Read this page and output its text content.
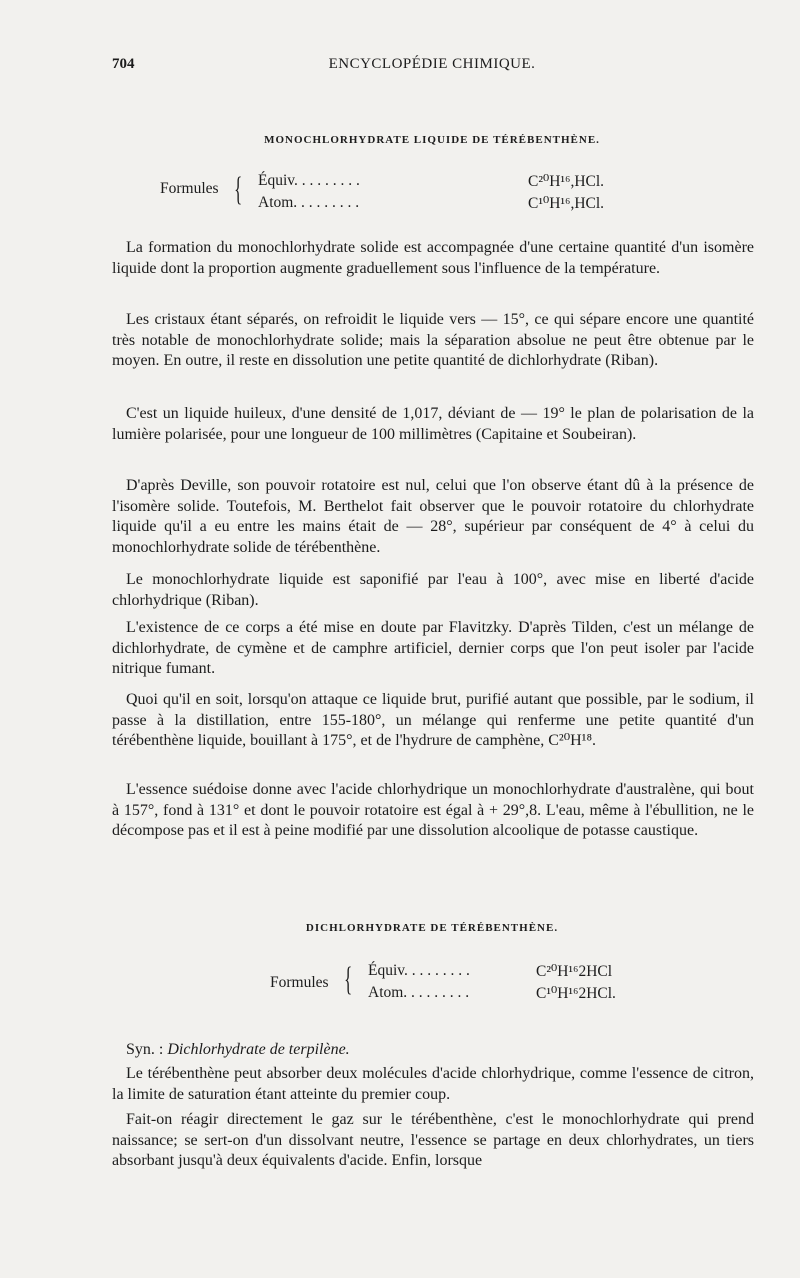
704	ENCYCLOPÉDIE CHIMIQUE.
MONOCHLORHYDRATE LIQUIDE DE TÉRÉBENTHÈNE.
Formules { Équiv. . . . . . . . .	C²⁰H¹⁶,HCl.
Atom. . . . . . . . .	C¹⁰H¹⁶,HCl.

La formation du monochlorhydrate solide est accompagnée d'une certaine quantité d'un isomère liquide dont la proportion augmente graduellement sous l'influence de la température.

Les cristaux étant séparés, on refroidit le liquide vers — 15°, ce qui sépare encore une quantité très notable de monochlorhydrate solide; mais la séparation absolue ne peut être obtenue par le moyen. En outre, il reste en dissolution une petite quantité de dichlorhydrate (Riban).

C'est un liquide huileux, d'une densité de 1,017, déviant de — 19° le plan de polarisation de la lumière polarisée, pour une longueur de 100 millimètres (Capitaine et Soubeiran).

D'après Deville, son pouvoir rotatoire est nul, celui que l'on observe étant dû à la présence de l'isomère solide. Toutefois, M. Berthelot fait observer que le pouvoir rotatoire du chlorhydrate liquide qu'il a eu entre les mains était de — 28°, supérieur par conséquent de 4° à celui du monochlorhydrate solide de térébenthène.

Le monochlorhydrate liquide est saponifié par l'eau à 100°, avec mise en liberté d'acide chlorhydrique (Riban).

L'existence de ce corps a été mise en doute par Flavitzky. D'après Tilden, c'est un mélange de dichlorhydrate, de cymène et de camphre artificiel, dernier corps que l'on peut isoler par l'acide nitrique fumant.

Quoi qu'il en soit, lorsqu'on attaque ce liquide brut, purifié autant que possible, par le sodium, il passe à la distillation, entre 155-180°, un mélange qui renferme une petite quantité d'un térébenthène liquide, bouillant à 175°, et de l'hydrure de camphène, C²⁰H¹⁸.

L'essence suédoise donne avec l'acide chlorhydrique un monochlorhydrate d'australène, qui bout à 157°, fond à 131° et dont le pouvoir rotatoire est égal à + 29°,8. L'eau, même à l'ébullition, ne le décompose pas et il est à peine modifié par une dissolution alcoolique de potasse caustique.

DICHLORHYDRATE DE TÉRÉBENTHÈNE.
Formules { Équiv. . . . . . . . .	C²⁰H¹⁶2HCl
Atom. . . . . . . . .	C¹⁰H¹⁶2HCl.

Syn. : Dichlorhydrate de terpilène.

Le térébenthène peut absorber deux molécules d'acide chlorhydrique, comme l'essence de citron, la limite de saturation étant atteinte du premier coup.

Fait-on réagir directement le gaz sur le térébenthène, c'est le monochlorhydrate qui prend naissance; se sert-on d'un dissolvant neutre, l'essence se partage en deux chlorhydrates, un tiers absorbant jusqu'à deux équivalents d'acide. Enfin, lorsque
